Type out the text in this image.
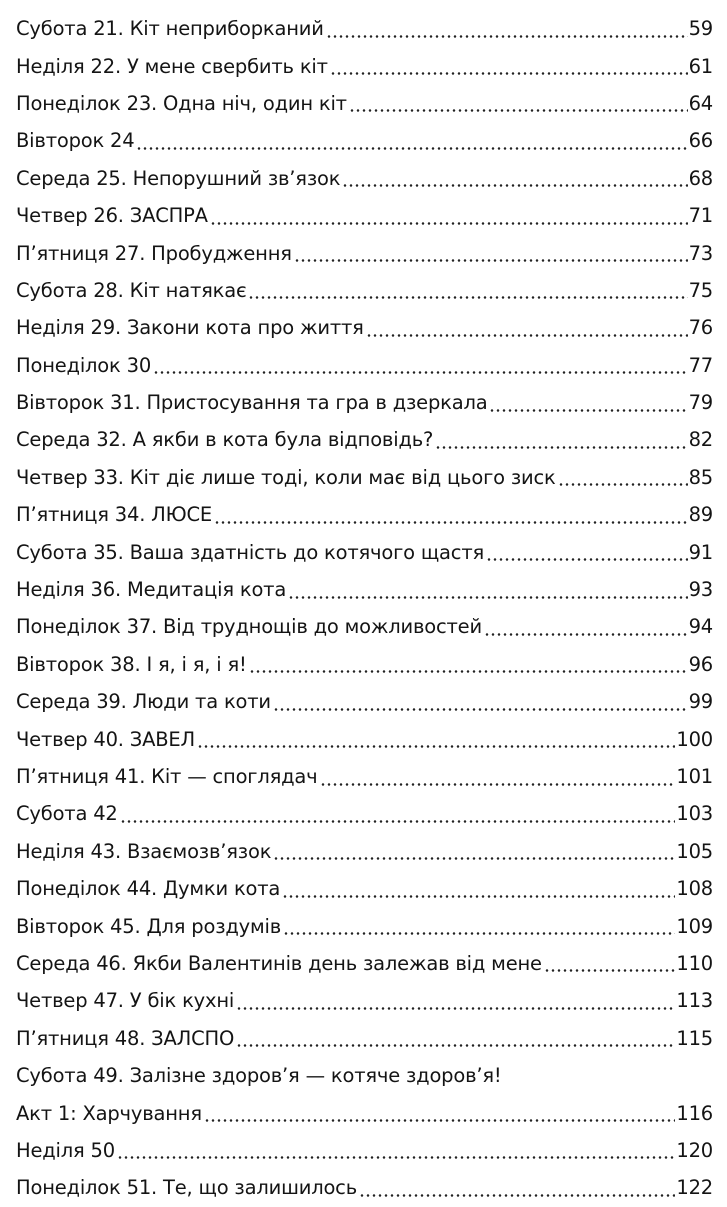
Субота 21. Кіт неприборканий	59
Неділя 22. У мене свербить кіт	61
Понеділок 23. Одна ніч, один кіт	64
Вівторок 24	66
Середа 25. Непорушний зв’язок	68
Четвер 26. ЗАСПРА	71
П’ятниця 27. Пробудження	73
Субота 28. Кіт натякає	75
Неділя 29. Закони кота про життя	76
Понеділок 30	77
Вівторок 31. Пристосування та гра в дзеркала	79
Середа 32. А якби в кота була відповідь?	82
Четвер 33. Кіт діє лише тоді, коли має від цього зиск	85
П’ятниця 34. ЛЮСЕ	89
Субота 35. Ваша здатність до котячого щастя	91
Неділя 36. Медитація кота	93
Понеділок 37. Від труднощів до можливостей	94
Вівторок 38. І я, і я, і я!	96
Середа 39. Люди та коти	99
Четвер 40. ЗАВЕЛ	100
П’ятниця 41. Кіт — споглядач	101
Субота 42	103
Неділя 43. Взаємозв’язок	105
Понеділок 44. Думки кота	108
Вівторок 45. Для роздумів	109
Середа 46. Якби Валентинів день залежав від мене	110
Четвер 47. У бік кухні	113
П’ятниця 48. ЗАЛСПО	115
Субота 49. Залізне здоров’я — котяче здоров’я!
Акт 1: Харчування	116
Неділя 50	120
Понеділок 51. Те, що залишилось	122
